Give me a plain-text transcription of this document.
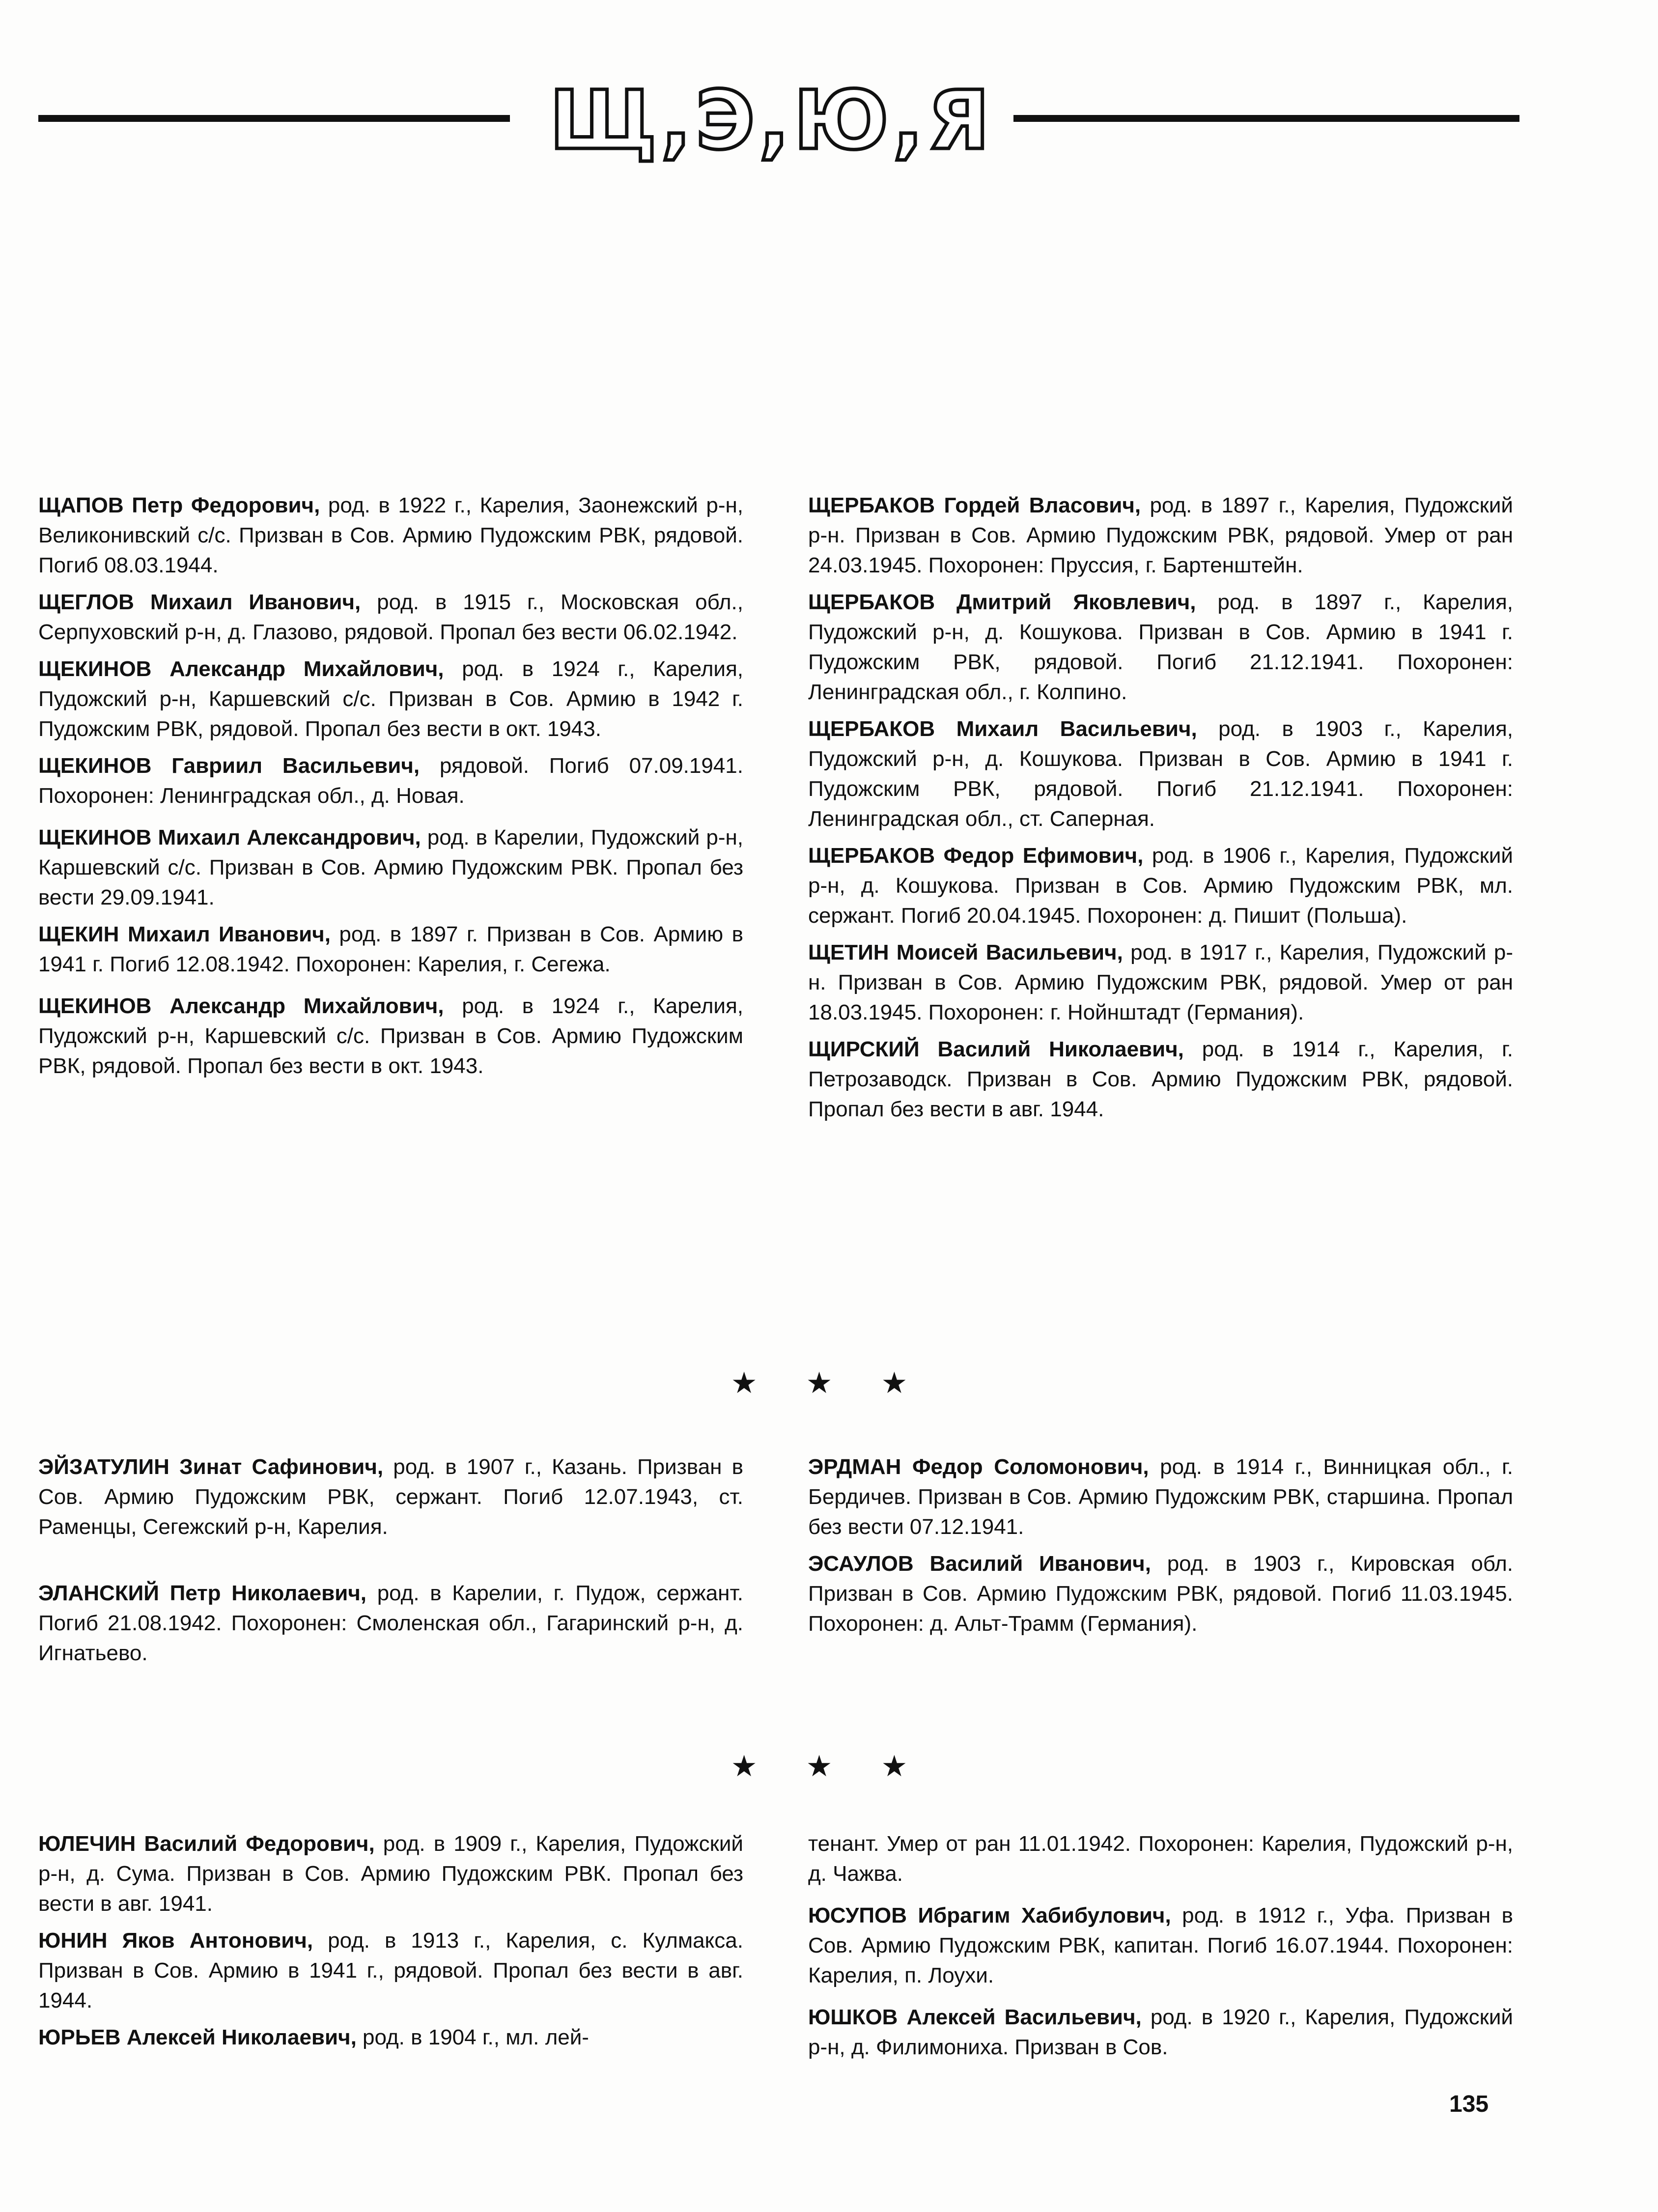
Щ,Э,Ю,Я

ЩАПОВ Петр Федорович, род. в 1922 г., Карелия, Заонежский р-н, Великонивский с/с. Призван в Сов. Армию Пудожским РВК, рядовой. Погиб 08.03.1944.

ЩЕГЛОВ Михаил Иванович, род. в 1915 г., Московская обл., Серпуховский р-н, д. Глазово, рядовой. Пропал без вести 06.02.1942.

ЩЕКИНОВ Александр Михайлович, род. в 1924 г., Карелия, Пудожский р-н, Каршевский с/с. Призван в Сов. Армию в 1942 г. Пудожским РВК, рядовой. Пропал без вести в окт. 1943.

ЩЕКИНОВ Гавриил Васильевич, рядовой. Погиб 07.09.1941. Похоронен: Ленинградская обл., д. Новая.

ЩЕКИНОВ Михаил Александрович, род. в Карелии, Пудожский р-н, Каршевский с/с. Призван в Сов. Армию Пудожским РВК. Пропал без вести 29.09.1941.

ЩЕКИН Михаил Иванович, род. в 1897 г. Призван в Сов. Армию в 1941 г. Погиб 12.08.1942. Похоронен: Карелия, г. Сегежа.

ЩЕКИНОВ Александр Михайлович, род. в 1924 г., Карелия, Пудожский р-н, Каршевский с/с. Призван в Сов. Армию Пудожским РВК, рядовой. Пропал без вести в окт. 1943.

ЩЕРБАКОВ Гордей Власович, род. в 1897 г., Карелия, Пудожский р-н. Призван в Сов. Армию Пудожским РВК, рядовой. Умер от ран 24.03.1945. Похоронен: Пруссия, г. Бартенштейн.

ЩЕРБАКОВ Дмитрий Яковлевич, род. в 1897 г., Карелия, Пудожский р-н, д. Кошукова. Призван в Сов. Армию в 1941 г. Пудожским РВК, рядовой. Погиб 21.12.1941. Похоронен: Ленинградская обл., г. Колпино.

ЩЕРБАКОВ Михаил Васильевич, род. в 1903 г., Карелия, Пудожский р-н, д. Кошукова. Призван в Сов. Армию в 1941 г. Пудожским РВК, рядовой. Погиб 21.12.1941. Похоронен: Ленинградская обл., ст. Саперная.

ЩЕРБАКОВ Федор Ефимович, род. в 1906 г., Карелия, Пудожский р-н, д. Кошукова. Призван в Сов. Армию Пудожским РВК, мл. сержант. Погиб 20.04.1945. Похоронен: д. Пишит (Польша).

ЩЕТИН Моисей Васильевич, род. в 1917 г., Карелия, Пудожский р-н. Призван в Сов. Армию Пудожским РВК, рядовой. Умер от ран 18.03.1945. Похоронен: г. Нойнштадт (Германия).

ЩИРСКИЙ Василий Николаевич, род. в 1914 г., Карелия, г. Петрозаводск. Призван в Сов. Армию Пудожским РВК, рядовой. Пропал без вести в авг. 1944.

★ ★ ★

ЭЙЗАТУЛИН Зинат Сафинович, род. в 1907 г., Казань. Призван в Сов. Армию Пудожским РВК, сержант. Погиб 12.07.1943, ст. Раменцы, Сегежский р-н, Карелия.

ЭЛАНСКИЙ Петр Николаевич, род. в Карелии, г. Пудож, сержант. Погиб 21.08.1942. Похоронен: Смоленская обл., Гагаринский р-н, д. Игнатьево.

ЭРДМАН Федор Соломонович, род. в 1914 г., Винницкая обл., г. Бердичев. Призван в Сов. Армию Пудожским РВК, старшина. Пропал без вести 07.12.1941.

ЭСАУЛОВ Василий Иванович, род. в 1903 г., Кировская обл. Призван в Сов. Армию Пудожским РВК, рядовой. Погиб 11.03.1945. Похоронен: д. Альт-Трамм (Германия).

★ ★ ★

ЮЛЕЧИН Василий Федорович, род. в 1909 г., Карелия, Пудожский р-н, д. Сума. Призван в Сов. Армию Пудожским РВК. Пропал без вести в авг. 1941.

ЮНИН Яков Антонович, род. в 1913 г., Карелия, с. Кулмакса. Призван в Сов. Армию в 1941 г., рядовой. Пропал без вести в авг. 1944.

ЮРЬЕВ Алексей Николаевич, род. в 1904 г., мл. лей-

тенант. Умер от ран 11.01.1942. Похоронен: Карелия, Пудожский р-н, д. Чажва.

ЮСУПОВ Ибрагим Хабибулович, род. в 1912 г., Уфа. Призван в Сов. Армию Пудожским РВК, капитан. Погиб 16.07.1944. Похоронен: Карелия, п. Лоухи.

ЮШКОВ Алексей Васильевич, род. в 1920 г., Карелия, Пудожский р-н, д. Филимониха. Призван в Сов.

135
